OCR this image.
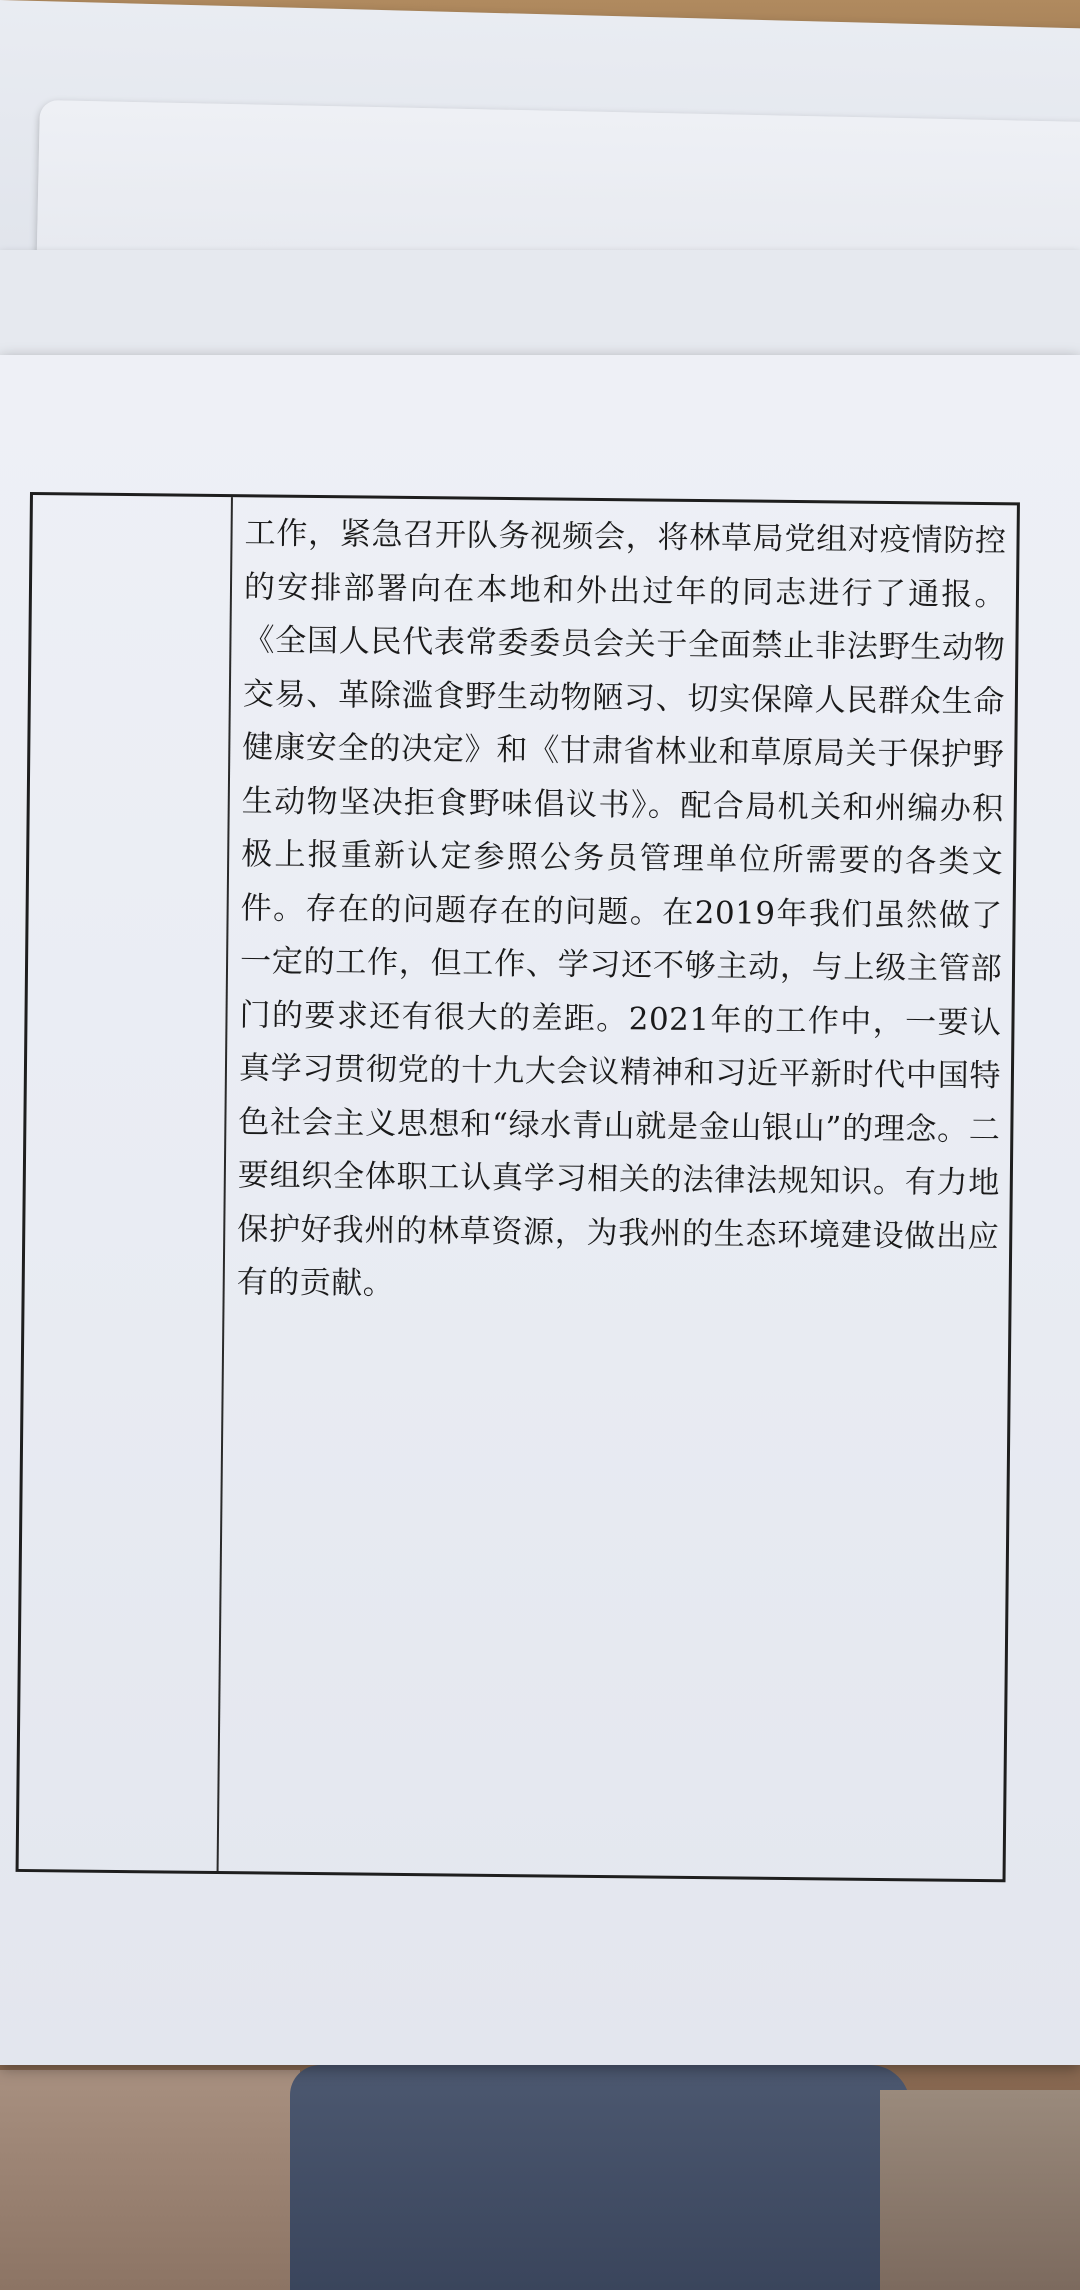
工作，紧急召开队务视频会，将林草局党组对疫情防控的安排部署向在本地和外出过年的同志进行了通报。《全国人民代表常委委员会关于全面禁止非法野生动物交易、革除滥食野生动物陋习、切实保障人民群众生命健康安全的决定》和《甘肃省林业和草原局关于保护野生动物坚决拒食野味倡议书》。配合局机关和州编办积极上报重新认定参照公务员管理单位所需要的各类文件。存在的问题存在的问题。在2019年我们虽然做了一定的工作，但工作、学习还不够主动，与上级主管部门的要求还有很大的差距。2021年的工作中，一要认真学习贯彻党的十九大会议精神和习近平新时代中国特色社会主义思想和“绿水青山就是金山银山”的理念。二要组织全体职工认真学习相关的法律法规知识。有力地保护好我州的林草资源，为我州的生态环境建设做出应有的贡献。
